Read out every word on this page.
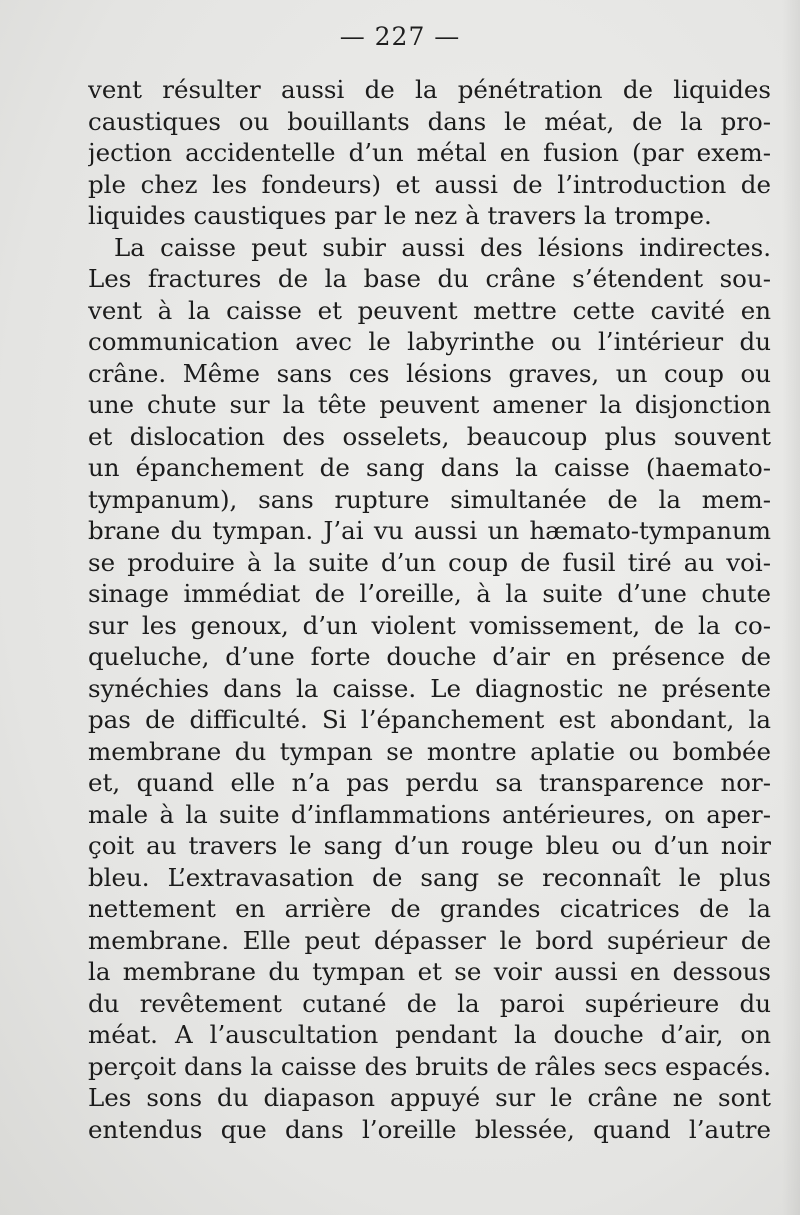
— 227 —
vent résulter aussi de la pénétration de liquides
caustiques ou bouillants dans le méat, de la pro-
jection accidentelle d’un métal en fusion (par exem-
ple chez les fondeurs) et aussi de l’introduction de
liquides caustiques par le nez à travers la trompe.
La caisse peut subir aussi des lésions indirectes.
Les fractures de la base du crâne s’étendent sou-
vent à la caisse et peuvent mettre cette cavité en
communication avec le labyrinthe ou l’intérieur du
crâne. Même sans ces lésions graves, un coup ou
une chute sur la tête peuvent amener la disjonction
et dislocation des osselets, beaucoup plus souvent
un épanchement de sang dans la caisse (haemato-
tympanum), sans rupture simultanée de la mem-
brane du tympan. J’ai vu aussi un hæmato-tympanum
se produire à la suite d’un coup de fusil tiré au voi-
sinage immédiat de l’oreille, à la suite d’une chute
sur les genoux, d’un violent vomissement, de la co-
queluche, d’une forte douche d’air en présence de
synéchies dans la caisse. Le diagnostic ne présente
pas de difficulté. Si l’épanchement est abondant, la
membrane du tympan se montre aplatie ou bombée
et, quand elle n’a pas perdu sa transparence nor-
male à la suite d’inflammations antérieures, on aper-
çoit au travers le sang d’un rouge bleu ou d’un noir
bleu. L’extravasation de sang se reconnaît le plus
nettement en arrière de grandes cicatrices de la
membrane. Elle peut dépasser le bord supérieur de
la membrane du tympan et se voir aussi en dessous
du revêtement cutané de la paroi supérieure du
méat. A l’auscultation pendant la douche d’air, on
perçoit dans la caisse des bruits de râles secs espacés.
Les sons du diapason appuyé sur le crâne ne sont
entendus que dans l’oreille blessée, quand l’autre
